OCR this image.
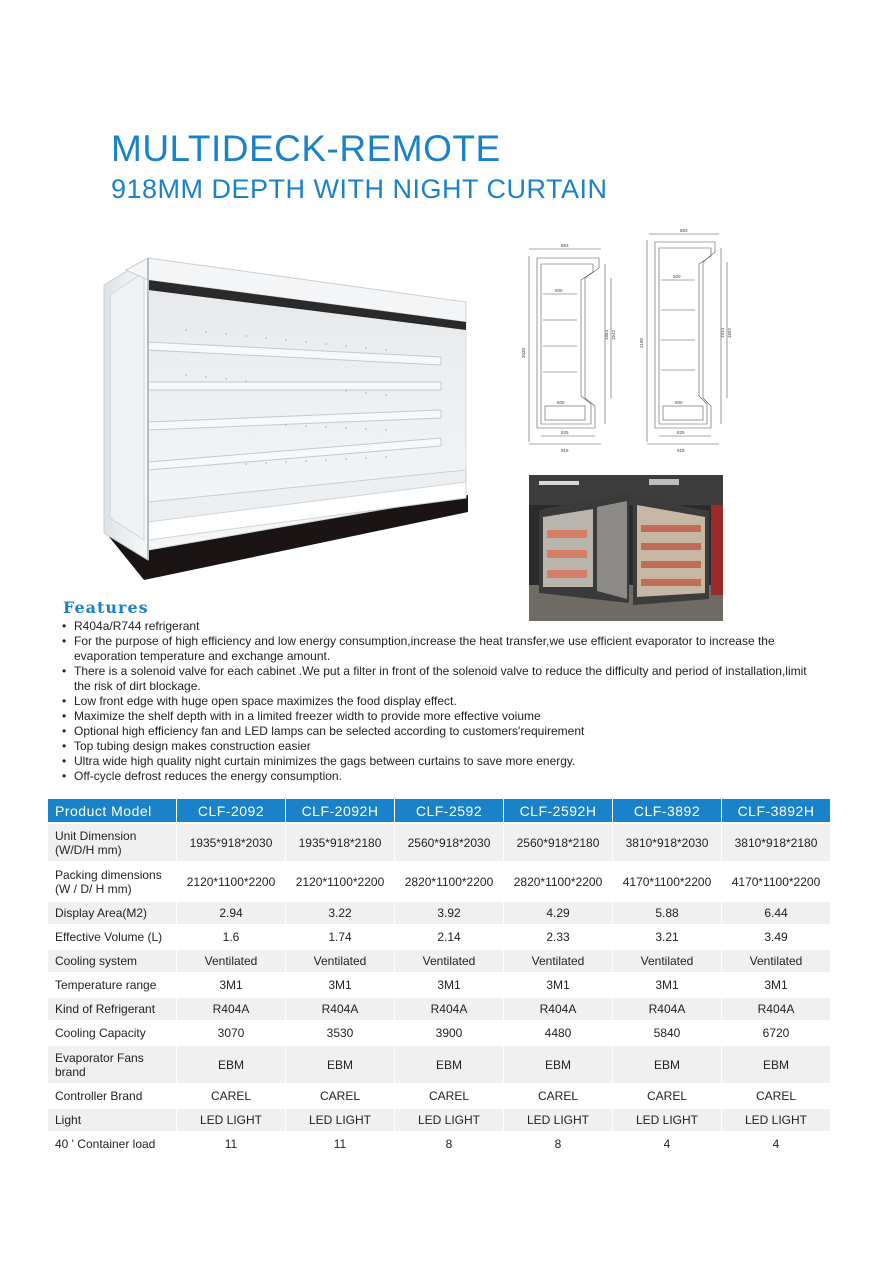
MULTIDECK-REMOTE
918MM DEPTH WITH NIGHT CURTAIN
883
500
600
825
918
2030
1864 1542
883
500
600
825
918
2180
1914 1692
Features
• R404a/R744 refrigerant
• For the purpose of high efficiency and low energy consumption,increase the heat transfer,we use efficient evaporator to increase the evaporation temperature and exchange amount.
• There is a solenoid valve for each cabinet .We put a filter in front of the solenoid valve to reduce the difficulty and period of installation,limit the risk of dirt blockage.
• Low front edge with huge open space maximizes the food display effect.
• Maximize the shelf depth with in a limited freezer width to provide more effective voiume
• Optional high efficiency fan and LED lamps can be selected according to customers'requirement
• Top tubing design makes construction easier
• Ultra wide high quality night curtain minimizes the gags between curtains to save more energy.
• Off-cycle defrost reduces the energy consumption.
Product Model	CLF-2092	CLF-2092H	CLF-2592	CLF-2592H	CLF-3892	CLF-3892H
Unit Dimension (W/D/H mm)	1935*918*2030	1935*918*2180	2560*918*2030	2560*918*2180	3810*918*2030	3810*918*2180
Packing dimensions (W / D/ H mm)	2120*1100*2200	2120*1100*2200	2820*1100*2200	2820*1100*2200	4170*1100*2200	4170*1100*2200
Display Area(M2)	2.94	3.22	3.92	4.29	5.88	6.44
Effective Volume (L)	1.6	1.74	2.14	2.33	3.21	3.49
Cooling system	Ventilated	Ventilated	Ventilated	Ventilated	Ventilated	Ventilated
Temperature range	3M1	3M1	3M1	3M1	3M1	3M1
Kind of Refrigerant	R404A	R404A	R404A	R404A	R404A	R404A
Cooling Capacity	3070	3530	3900	4480	5840	6720
Evaporator Fans brand	EBM	EBM	EBM	EBM	EBM	EBM
Controller Brand	CAREL	CAREL	CAREL	CAREL	CAREL	CAREL
Light	LED LIGHT	LED LIGHT	LED LIGHT	LED LIGHT	LED LIGHT	LED LIGHT
40 ' Container load	11	11	8	8	4	4
